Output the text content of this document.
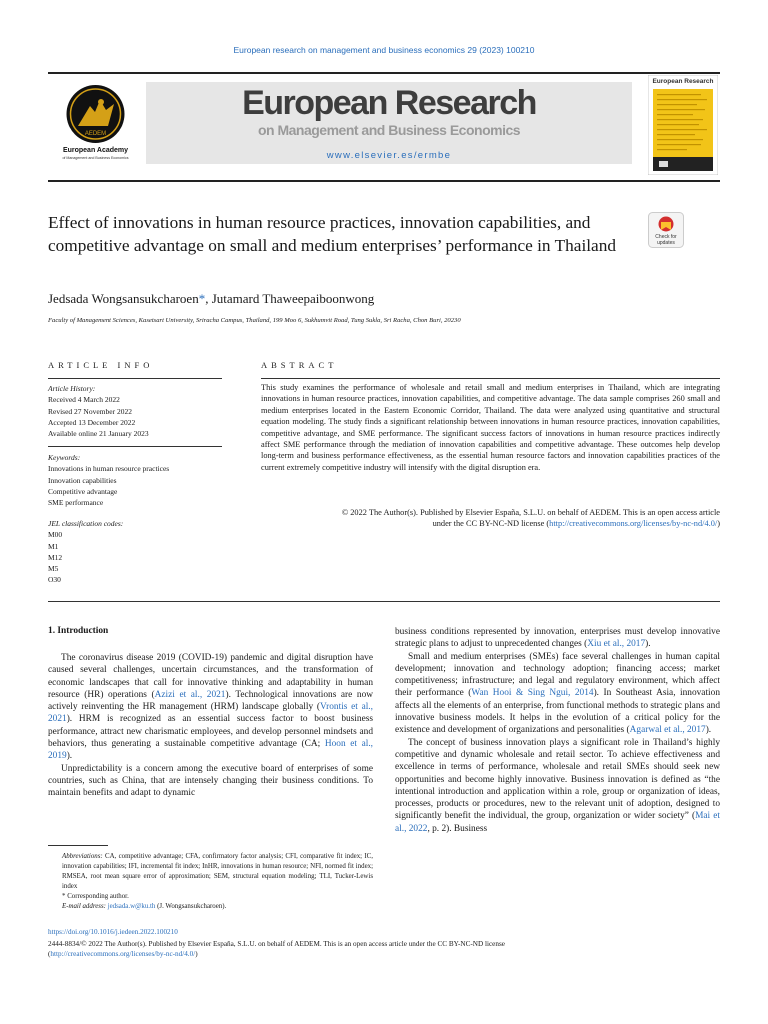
European research on management and business economics 29 (2023) 100210
AEDEM
European Academy
of Management and Business Economics
European Research
on Management and Business Economics
www.elsevier.es/ermbe
European Research
Effect of innovations in human resource practices, innovation capabilities, and competitive advantage on small and medium enterprises’ performance in Thailand	Check for
updates
Jedsada Wongsansukcharoen*, Jutamard Thaweepaiboonwong
Faculty of Management Sciences, Kasetsart University, Sriracha Campus, Thailand, 199 Moo 6, Sukhumvit Road, Tung Sukla, Sri Racha, Chon Buri, 20230
ARTICLE INFO	ABSTRACT
Article History:
Received 4 March 2022
Revised 27 November 2022
Accepted 13 December 2022
Available online 21 January 2023
Keywords:
Innovations in human resource practices
Innovation capabilities
Competitive advantage
SME performance
JEL classification codes:
M00
M1
M12
M5
O30
This study examines the performance of wholesale and retail small and medium enterprises in Thailand, which are integrating innovations in human resource practices, innovation capabilities, and competitive advantage. The data sample comprises 260 small and medium enterprises located in the Eastern Economic Corridor, Thailand. The data were analyzed using quantitative and structural equation modeling. The study finds a significant relationship between innovations in human resource practices, innovation capabilities, competitive advantage, and SME performance. The significant success factors of innovations in human resource practices indirectly affect SME performance through the mediation of innovation capabilities and competitive advantage. These outcomes help develop long-term and business performance effectiveness, as the essential human resource factors and innovation capabilities practices of the current extremely competitive industry will intensify with the digital disruption era.
© 2022 The Author(s). Published by Elsevier España, S.L.U. on behalf of AEDEM. This is an open access article
under the CC BY-NC-ND license (http://creativecommons.org/licenses/by-nc-nd/4.0/)
1. Introduction

The coronavirus disease 2019 (COVID-19) pandemic and digital disruption have caused several challenges, uncertain circumstances, and the transformation of economic landscapes that call for innovative thinking and adaptability in human resource (HR) operations (Azizi et al., 2021). Technological innovations are now actively reinventing the HR management (HRM) landscape globally (Vrontis et al., 2021). HRM is recognized as an essential success factor to boost business performance, attract new charismatic employees, and develop personnel mindsets and behaviors, thus generating a sustainable competitive advantage (CA; Hoon et al., 2019).

Unpredictability is a concern among the executive board of enterprises of some countries, such as China, that are intensely changing their business conditions. To maintain benefits and adapt to dynamic

business conditions represented by innovation, enterprises must develop innovative strategic plans to adjust to unprecedented changes (Xiu et al., 2017).

Small and medium enterprises (SMEs) face several challenges in human capital development; innovation and technology adoption; financing access; market competitiveness; infrastructure; and legal and regulatory environment, which affect their performance (Wan Hooi & Sing Ngui, 2014). In Southeast Asia, innovation affects all the elements of an enterprise, from functional methods to strategic plans and innovative business models. It helps in the evolution of a critical policy for the existence and development of organizations and personalities (Agarwal et al., 2017).

The concept of business innovation plays a significant role in Thailand’s highly competitive and dynamic wholesale and retail sector. To achieve effectiveness and excellence in terms of performance, wholesale and retail SMEs should seek new opportunities and become highly innovative. Business innovation is defined as “the intentional introduction and application within a role, group or organization of ideas, processes, products or procedures, new to the relevant unit of adoption, designed to significantly benefit the individual, the group, organization or wider society” (Mai et al., 2022, p. 2). Business

Abbreviations: CA, competitive advantage; CFA, confirmatory factor analysis; CFI, comparative fit index; IC, innovation capabilities; IFI, incremental fit index; InHR, innovations in human resource; NFI, normed fit index; RMSEA, root mean square error of approximation; SEM, structural equation modeling; TLI, Tucker-Lewis index
* Corresponding author.
E-mail address: jedsada.w@ku.th (J. Wongsansukcharoen).
https://doi.org/10.1016/j.iedeen.2022.100210
2444-8834/© 2022 The Author(s). Published by Elsevier España, S.L.U. on behalf of AEDEM. This is an open access article under the CC BY-NC-ND license
(http://creativecommons.org/licenses/by-nc-nd/4.0/)
